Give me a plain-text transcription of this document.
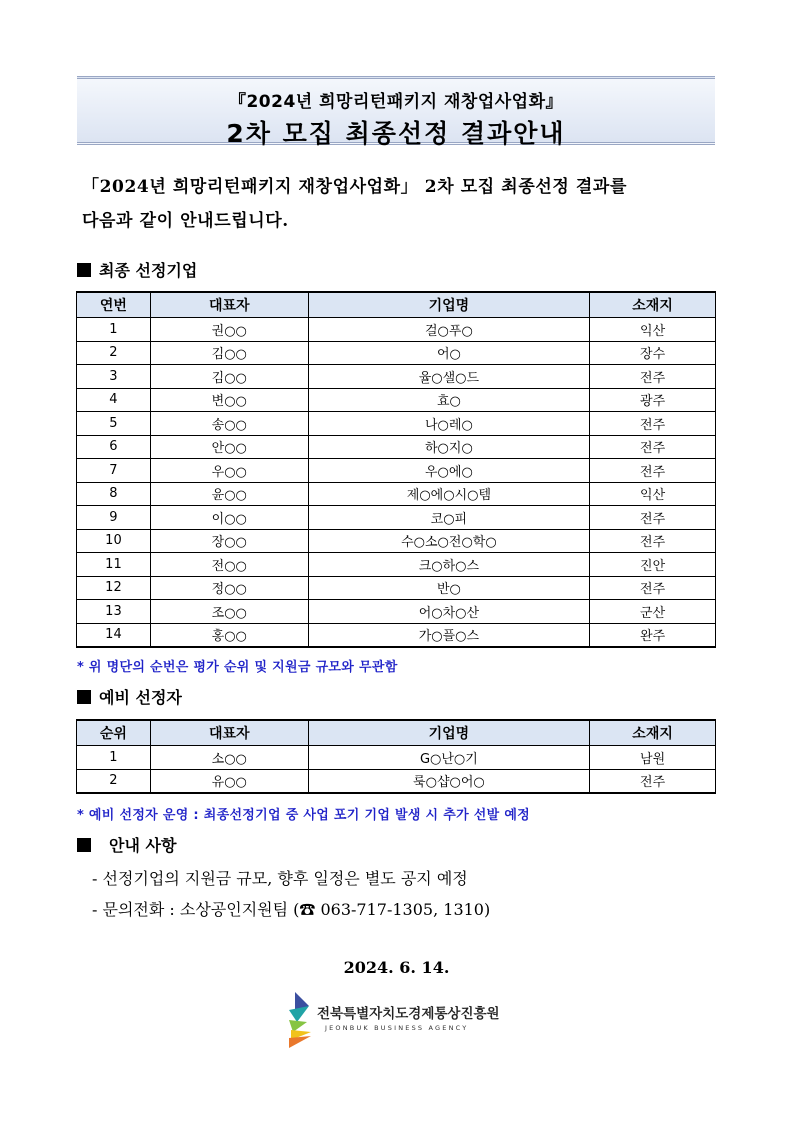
『2024년 희망리턴패키지 재창업사업화』
2차 모집 최종선정 결과안내
「2024년 희망리턴패키지 재창업사업화」 2차 모집 최종선정 결과를
다음과 같이 안내드립니다.
최종 선정기업
연번	대표자	기업명	소재지
1	권○○	걸○푸○	익산
2	김○○	어○	장수
3	김○○	율○샐○드	전주
4	변○○	효○	광주
5	송○○	나○레○	전주
6	안○○	하○지○	전주
7	우○○	우○에○	전주
8	윤○○	제○에○시○템	익산
9	이○○	코○피	전주
10	장○○	수○소○전○학○	전주
11	전○○	크○하○스	진안
12	정○○	반○	전주
13	조○○	어○차○산	군산
14	홍○○	가○플○스	완주
* 위 명단의 순번은 평가 순위 및 지원금 규모와 무관함
예비 선정자
순위	대표자	기업명	소재지
1	소○○	G○난○기	남원
2	유○○	룩○샵○어○	전주
* 예비 선정자 운영 : 최종선정기업 중 사업 포기 기업 발생 시 추가 선발 예정
안내 사항
- 선정기업의 지원금 규모, 향후 일정은 별도 공지 예정
- 문의전화 : 소상공인지원팀 (☎ 063-717-1305, 1310)
2024. 6. 14.
전북특별자치도경제통상진흥원
JEONBUK BUSINESS AGENCY
